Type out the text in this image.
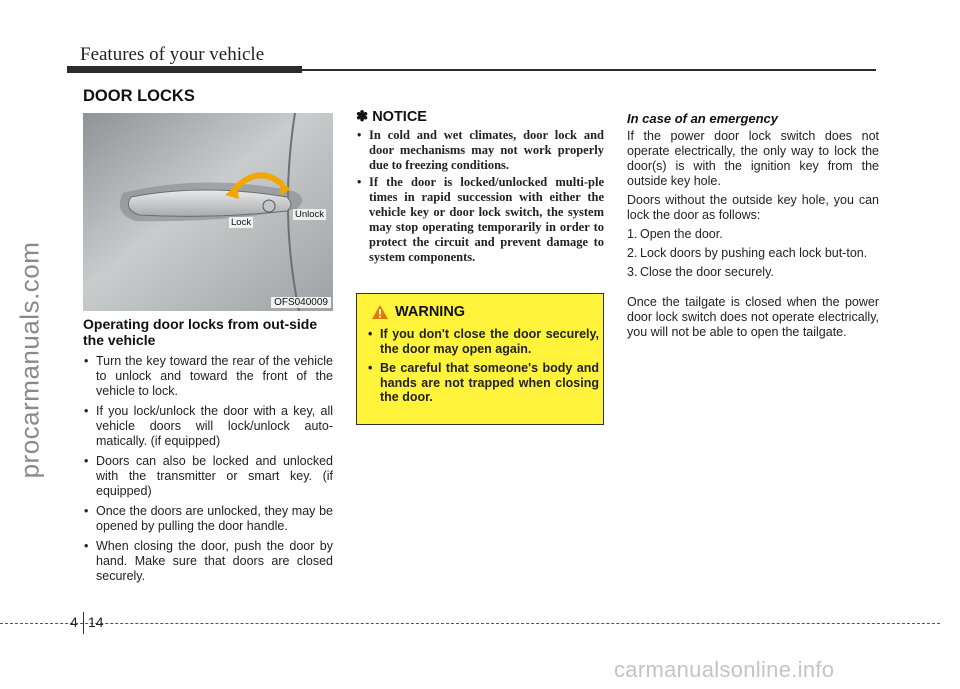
Features of your vehicle
procarmanuals.com
DOOR LOCKS
Lock
Unlock
OFS040009
Operating door locks from out-side the vehicle
• Turn the key toward the rear of the vehicle to unlock and toward the front of the vehicle to lock.
• If you lock/unlock the door with a key, all vehicle doors will lock/unlock auto-matically. (if equipped)
• Doors can also be locked and unlocked with the transmitter or smart key. (if equipped)
• Once the doors are unlocked, they may be opened by pulling the door handle.
• When closing the door, push the door by hand. Make sure that doors are closed securely.
✽ NOTICE
• In cold and wet climates, door lock and door mechanisms may not work properly due to freezing conditions.
• If the door is locked/unlocked multi-ple times in rapid succession with either the vehicle key or door lock switch, the system may stop operating temporarily in order to protect the circuit and prevent damage to system components.
WARNING
• If you don't close the door securely, the door may open again.
• Be careful that someone's body and hands are not trapped when closing the door.
In case of an emergency

If the power door lock switch does not operate electrically, the only way to lock the door(s) is with the ignition key from the outside key hole.

Doors without the outside key hole, you can lock the door as follows:

1. Open the door.
2. Lock doors by pushing each lock but-ton.
3. Close the door securely.

Once the tailgate is closed when the power door lock switch does not operate electrically, you will not be able to open the tailgate.

4 14
carmanualsonline.info
